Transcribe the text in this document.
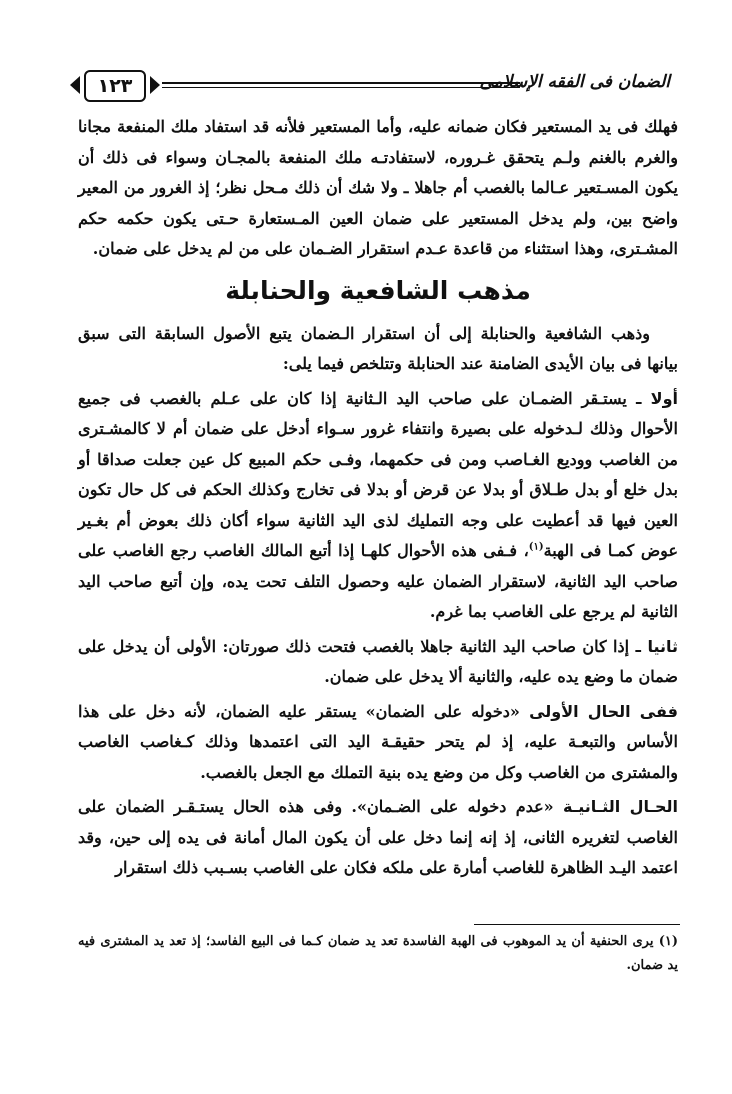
١٢٣	الضمان فى الفقه الإسلامى

فهلك فى يد المستعير فكان ضمانه عليه، وأما المستعير فلأنه قد استفاد ملك المنفعة مجانا والغرم بالغنم ولـم يتحقق غـروره، لاستفادتـه ملك المنفعة بالمجـان وسواء فى ذلك أن يكون المسـتعير عـالما بالغصب أم جاهلا ـ ولا شك أن ذلك مـحل نظر؛ إذ الغرور من المعير واضح بين، ولم يدخل المستعير على ضمان العين المـستعارة حـتى يكون حكمه حكم المشـترى، وهذا استثناء من قاعدة عـدم استقرار الضـمان على من لم يدخل على ضمان.

مذهب الشافعية والحنابلة

وذهب الشافعية والحنابلة إلى أن استقرار الـضمان يتبع الأصول السابقة التى سبق بيانها فى بيان الأيدى الضامنة عند الحنابلة وتتلخص فيما يلى:

أولا ـ يستـقر الضمـان على صاحب اليد الـثانية إذا كان على عـلم بالغصب فى جميع الأحوال وذلك لـدخوله على بصيرة وانتفاء غرور سـواء أدخل على ضمان أم لا كالمشـترى من الغاصب ووديع الغـاصب ومن فى حكمهما، وفـى حكم المبيع كل عين جعلت صداقا أو بدل خلع أو بدل طـلاق أو بدلا عن قرض أو بدلا فى تخارج وكذلك الحكم فى كل حال تكون العين فيها قد أعطيت على وجه التمليك لذى اليد الثانية سواء أكان ذلك بعوض أم بغـير عوض كمـا فى الهبة$^{(١)}$، فـفى هذه الأحوال كلهـا إذا أتبع المالك الغاصب رجع الغاصب على صاحب اليد الثانية، لاستقرار الضمان عليه وحصول التلف تحت يده، وإن أتبع صاحب اليد الثانية لم يرجع على الغاصب بما غرم.

ثانيا ـ إذا كان صاحب اليد الثانية جاهلا بالغصب فتحت ذلك صورتان: الأولى أن يدخل على ضمان ما وضع يده عليه، والثانية ألا يدخل على ضمان.

ففى الحال الأولى «دخوله على الضمان» يستقر عليه الضمان، لأنه دخل على هذا الأساس والتبعـة عليه، إذ لم يتحر حقيقـة اليد التى اعتمدها وذلك كـغاصب الغاصب والمشترى من الغاصب وكل من وضع يده بنية التملك مع الجعل بالغصب.

الحـال الثـانيـة «عدم دخوله على الضـمان». وفى هذه الحال يستـقـر الضمان على الغاصب لتغريره الثانى، إذ إنه إنما دخل على أن يكون المال أمانة فى يده إلى حين، وقد اعتمد اليـد الظاهرة للغاصب أمارة على ملكه فكان على الغاصب بسـبب ذلك استقرار

(١) يرى الحنفية أن يد الموهوب فى الهبة الفاسدة تعد يد ضمان كـما فى البيع الفاسد؛ إذ تعد يد المشترى فيه يد ضمان.
